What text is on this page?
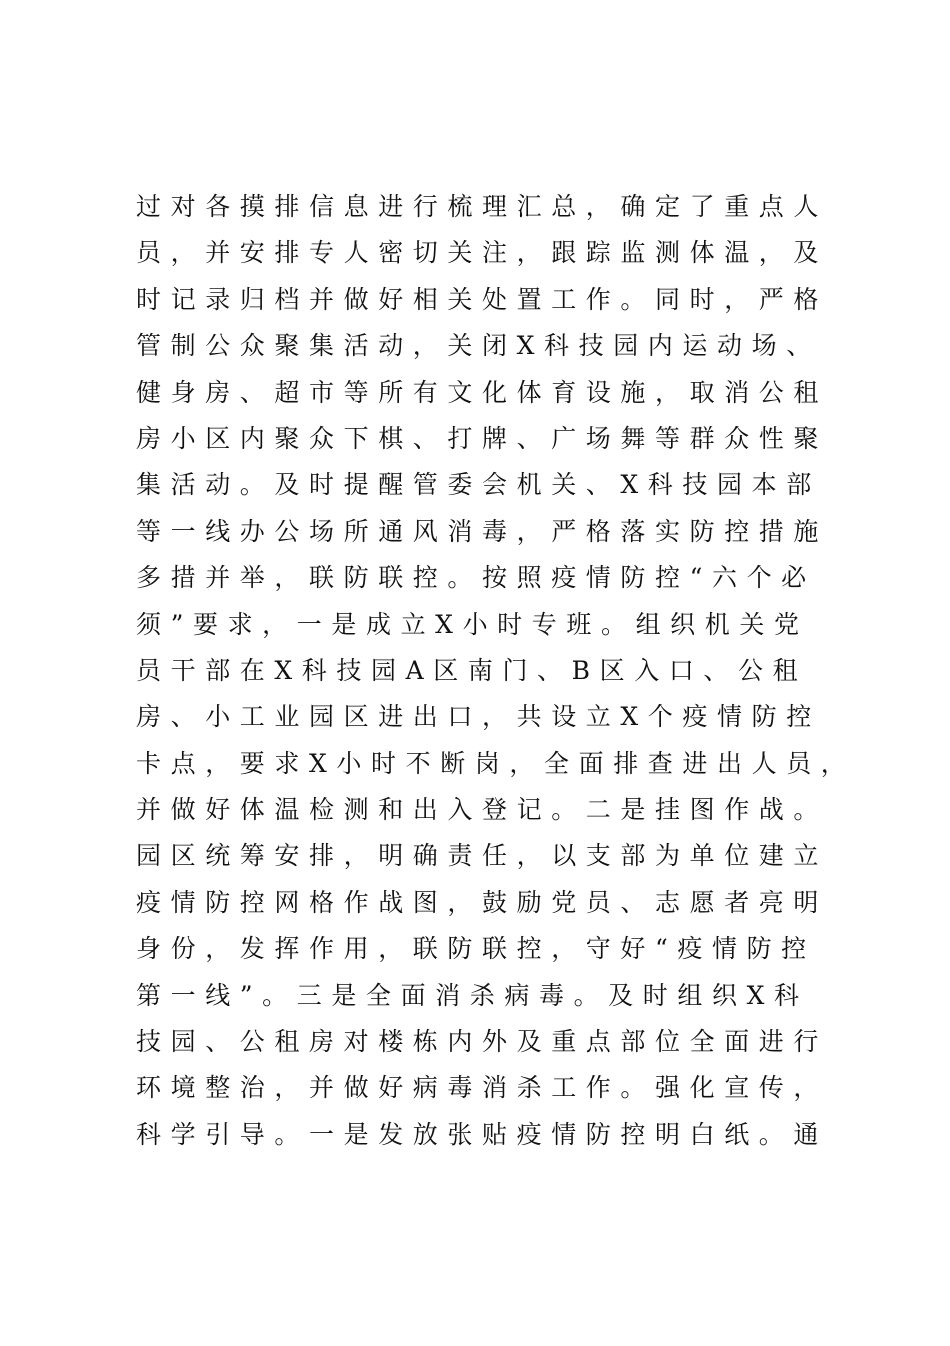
过对各摸排信息进行梳理汇总，确定了重点人
员，并安排专人密切关注，跟踪监测体温，及
时记录归档并做好相关处置工作。同时，严格
管制公众聚集活动，关闭X科技园内运动场、
健身房、超市等所有文化体育设施，取消公租
房小区内聚众下棋、打牌、广场舞等群众性聚
集活动。及时提醒管委会机关、X科技园本部
等一线办公场所通风消毒，严格落实防控措施
多措并举，联防联控。按照疫情防控“六个必
须”要求，一是成立X小时专班。组织机关党
员干部在X科技园A区南门、B区入口、公租
房、小工业园区进出口，共设立X个疫情防控
卡点，要求X小时不断岗，全面排查进出人员，
并做好体温检测和出入登记。二是挂图作战。
园区统筹安排，明确责任，以支部为单位建立
疫情防控网格作战图，鼓励党员、志愿者亮明
身份，发挥作用，联防联控，守好“疫情防控
第一线”。三是全面消杀病毒。及时组织X科
技园、公租房对楼栋内外及重点部位全面进行
环境整治，并做好病毒消杀工作。强化宣传，
科学引导。一是发放张贴疫情防控明白纸。通
